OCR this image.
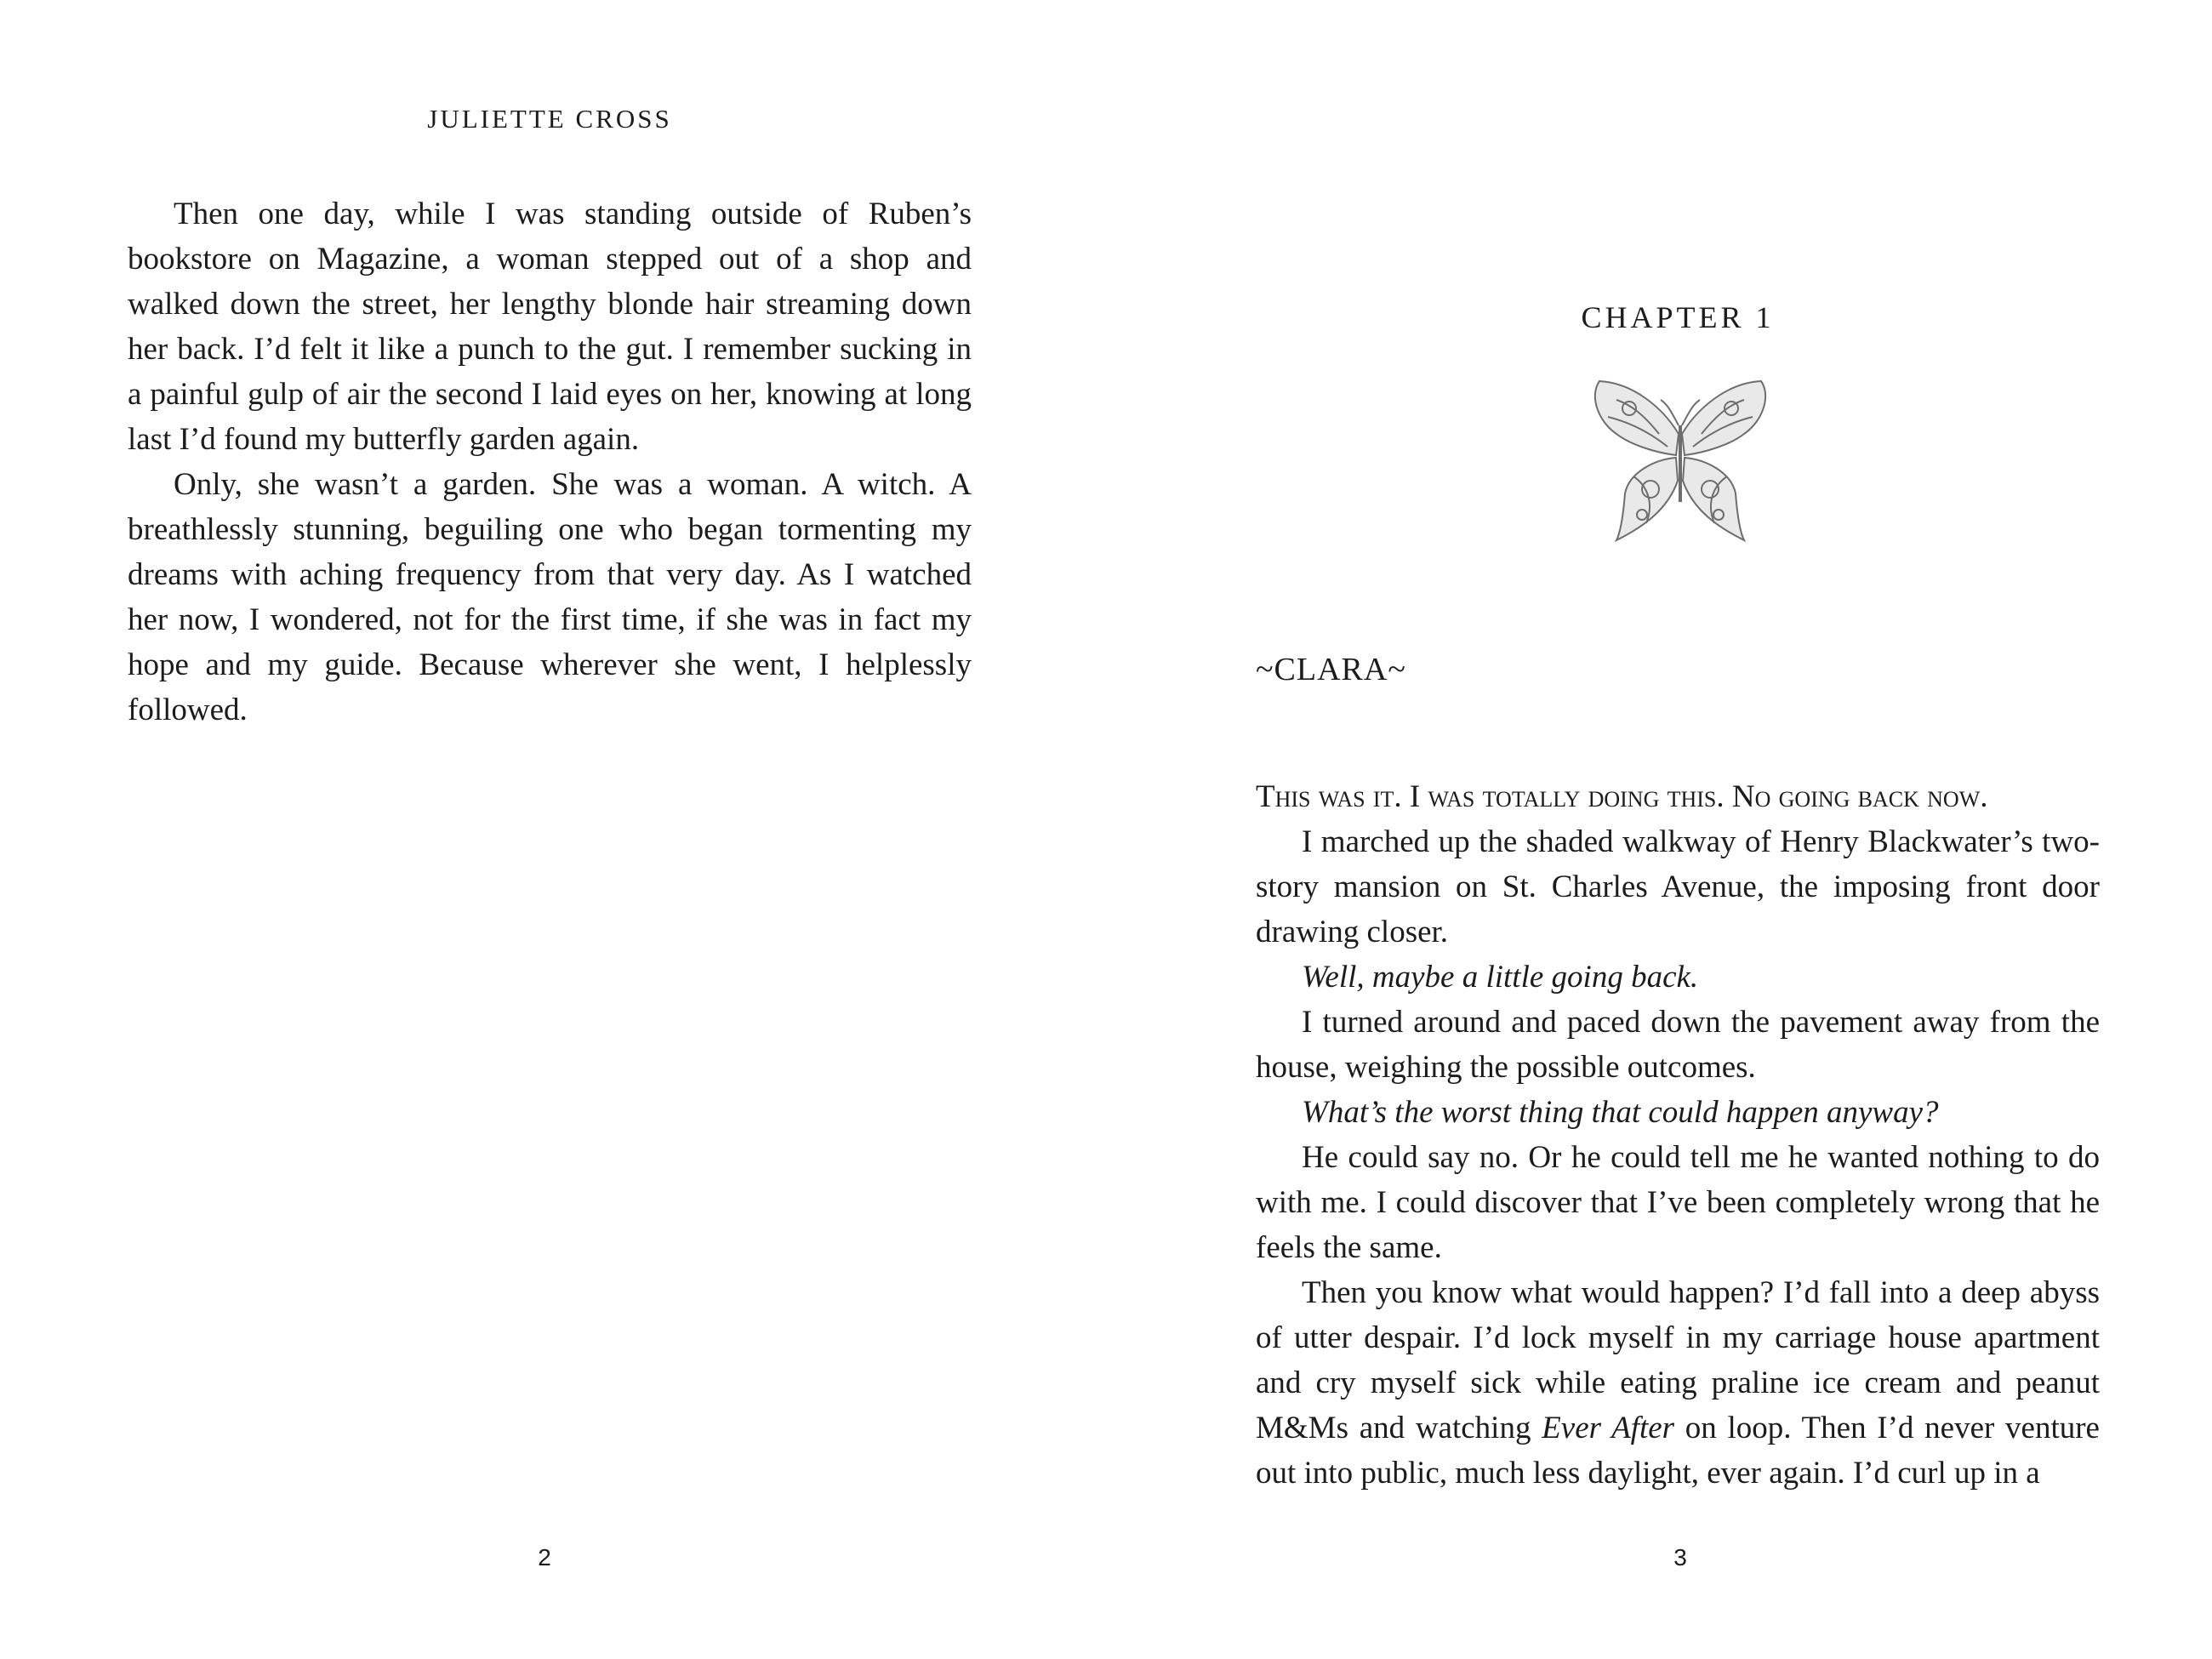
JULIETTE CROSS

Then one day, while I was standing outside of Ruben’s bookstore on Magazine, a woman stepped out of a shop and walked down the street, her lengthy blonde hair streaming down her back. I’d felt it like a punch to the gut. I remember sucking in a painful gulp of air the second I laid eyes on her, knowing at long last I’d found my butterfly garden again.

Only, she wasn’t a garden. She was a woman. A witch. A breathlessly stunning, beguiling one who began tormenting my dreams with aching frequency from that very day. As I watched her now, I wondered, not for the first time, if she was in fact my hope and my guide. Because wherever she went, I helplessly followed.

2
CHAPTER 1
~CLARA~

This was it. I was totally doing this. No going back now.

I marched up the shaded walkway of Henry Blackwater’s two-story mansion on St. Charles Avenue, the imposing front door drawing closer.

Well, maybe a little going back.

I turned around and paced down the pavement away from the house, weighing the possible outcomes.

What’s the worst thing that could happen anyway?

He could say no. Or he could tell me he wanted nothing to do with me. I could discover that I’ve been completely wrong that he feels the same.

Then you know what would happen? I’d fall into a deep abyss of utter despair. I’d lock myself in my carriage house apartment and cry myself sick while eating praline ice cream and peanut M&Ms and watching Ever After on loop. Then I’d never venture out into public, much less daylight, ever again. I’d curl up in a

3
